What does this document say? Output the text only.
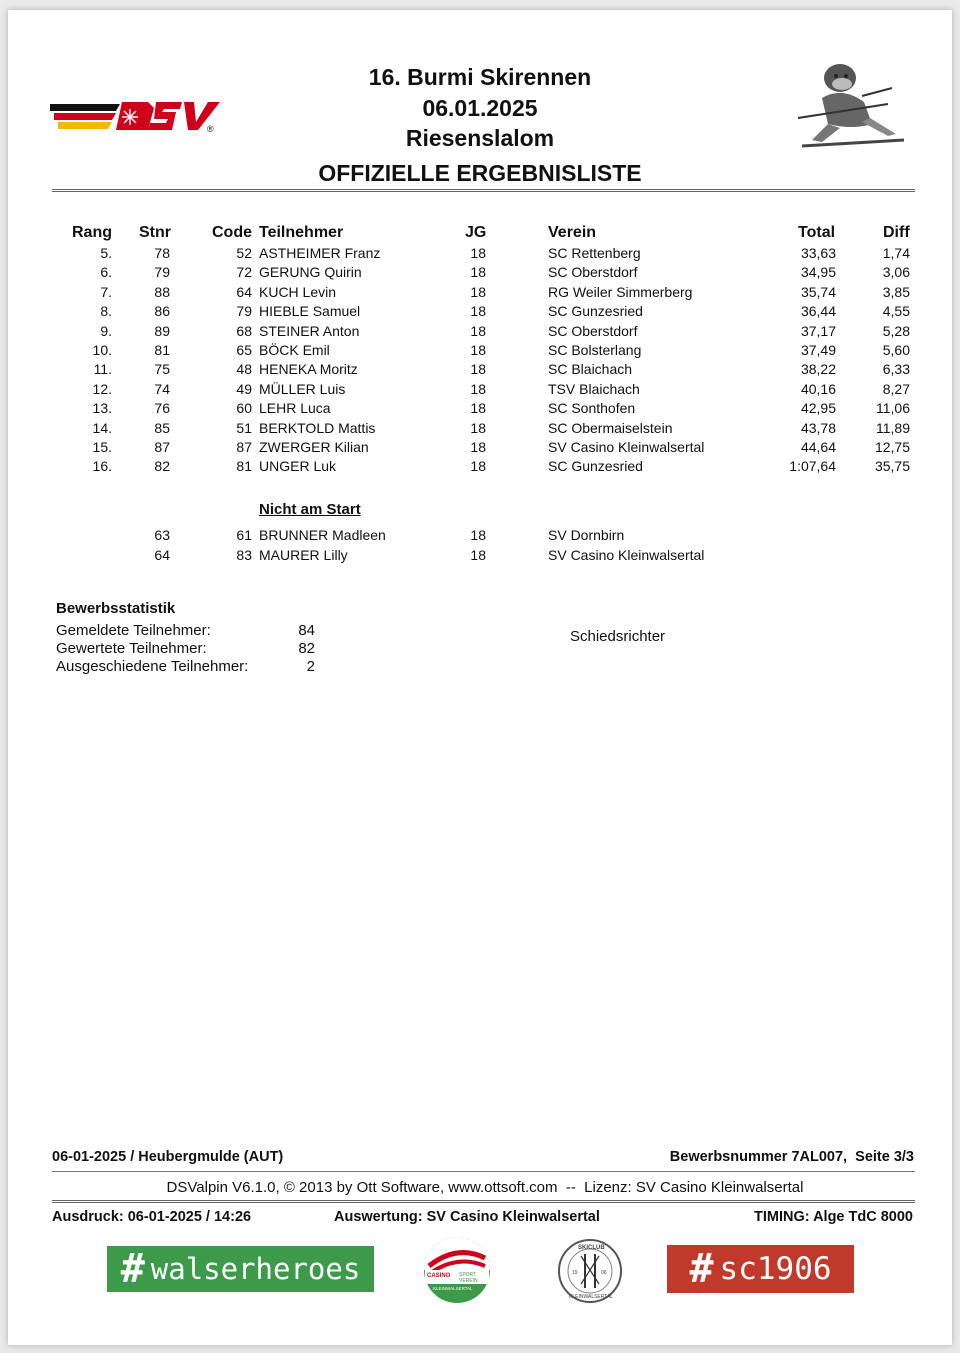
®
16. Burmi Skirennen
06.01.2025
Riesenslalom
OFFIZIELLE ERGEBNISLISTE
Rang Stnr	Code Teilnehmer	JG	Verein	Total	Diff
5.	78	52 ASTHEIMER Franz	18	SC Rettenberg	33,63	1,74
6.	79	72 GERUNG Quirin	18	SC Oberstdorf	34,95	3,06
7.	88	64 KUCH Levin	18	RG Weiler Simmerberg	35,74	3,85
8.	86	79 HIEBLE Samuel	18	SC Gunzesried	36,44	4,55
9.	89	68 STEINER Anton	18	SC Oberstdorf	37,17	5,28
10.	81	65 BÖCK Emil	18	SC Bolsterlang	37,49	5,60
11.	75	48 HENEKA Moritz	18	SC Blaichach	38,22	6,33
12.	74	49 MÜLLER Luis	18	TSV Blaichach	40,16	8,27
13.	76	60 LEHR Luca	18	SC Sonthofen	42,95	11,06
14.	85	51 BERKTOLD Mattis	18	SC Obermaiselstein	43,78	11,89
15.	87	87 ZWERGER Kilian	18	SV Casino Kleinwalsertal	44,64	12,75
16.	82	81 UNGER Luk	18	SC Gunzesried	1:07,64	35,75
Nicht am Start
63	61 BRUNNER Madleen	18	SV Dornbirn
64	83 MAURER Lilly	18	SV Casino Kleinwalsertal
Bewerbsstatistik
Gemeldete Teilnehmer:	84
Gewertete Teilnehmer:	82
Ausgeschiedene Teilnehmer:	2
Schiedsrichter
06-01-2025 / Heubergmulde (AUT)	Bewerbsnummer 7AL007,  Seite 3/3
DSValpin V6.1.0, © 2013 by Ott Software, www.ottsoft.com  --  Lizenz: SV Casino Kleinwalsertal
Ausdruck: 06-01-2025 / 14:26	Auswertung: SV Casino Kleinwalsertal	TIMING: Alge TdC 8000
# walserheroes	CASINO SPORT
VEREIN
KLEINWALSERTAL
SKICLUB
KLEINWALSERTAL
19	06 # sc1906
